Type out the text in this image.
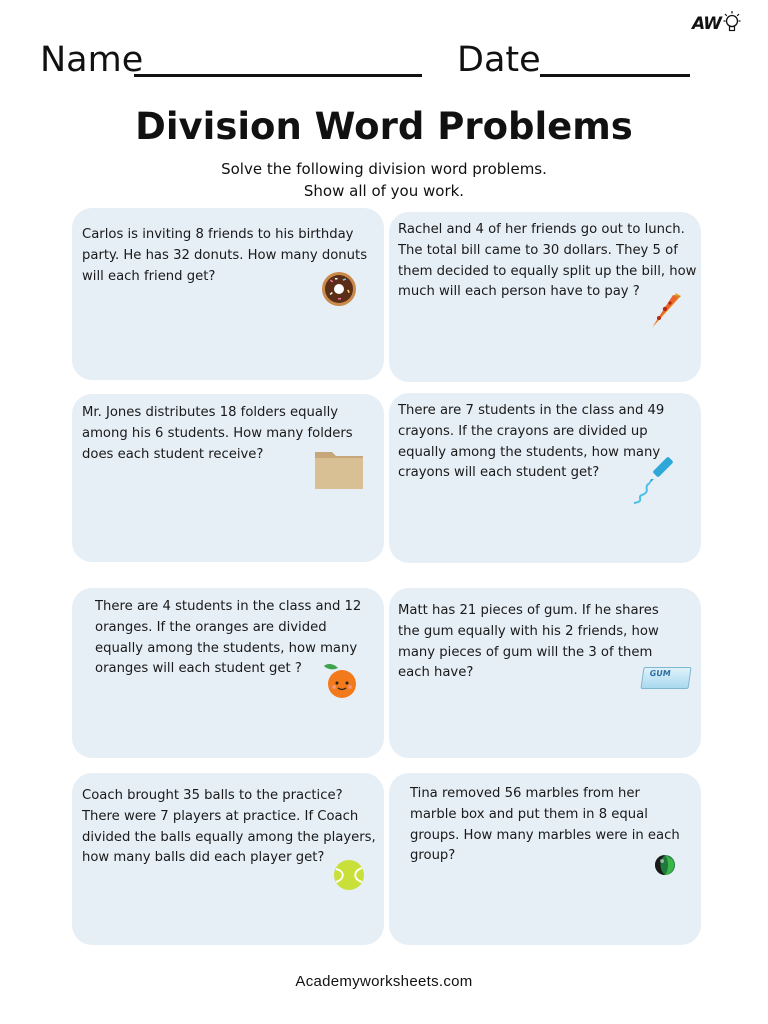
AW
Name	Date
Division Word Problems
Solve the following division word problems.
Show all of you work.
Carlos is inviting 8 friends to his birthday
party. He has 32 donuts. How many donuts
will each friend get?
Rachel and 4 of her friends go out to lunch.
The total bill came to 30 dollars. They 5 of
them decided to equally split up the bill, how
much will each person have to pay ?
Mr. Jones distributes 18 folders equally
among his 6 students. How many folders
does each student receive?
There are 7 students in the class and 49
crayons. If the crayons are divided up
equally among the students, how many
crayons will each student get?
There are 4 students in the class and 12
oranges. If the oranges are divided
equally among the students, how many
oranges will each student get ?
Matt has 21 pieces of gum. If he shares
the gum equally with his 2 friends, how
many pieces of gum will the 3 of them
each have?	GUM
Coach brought 35 balls to the practice?
There were 7 players at practice. If Coach
divided the balls equally among the players,
how many balls did each player get?
Tina removed 56 marbles from her
marble box and put them in 8 equal
groups. How many marbles were in each
group?
Academyworksheets.com
